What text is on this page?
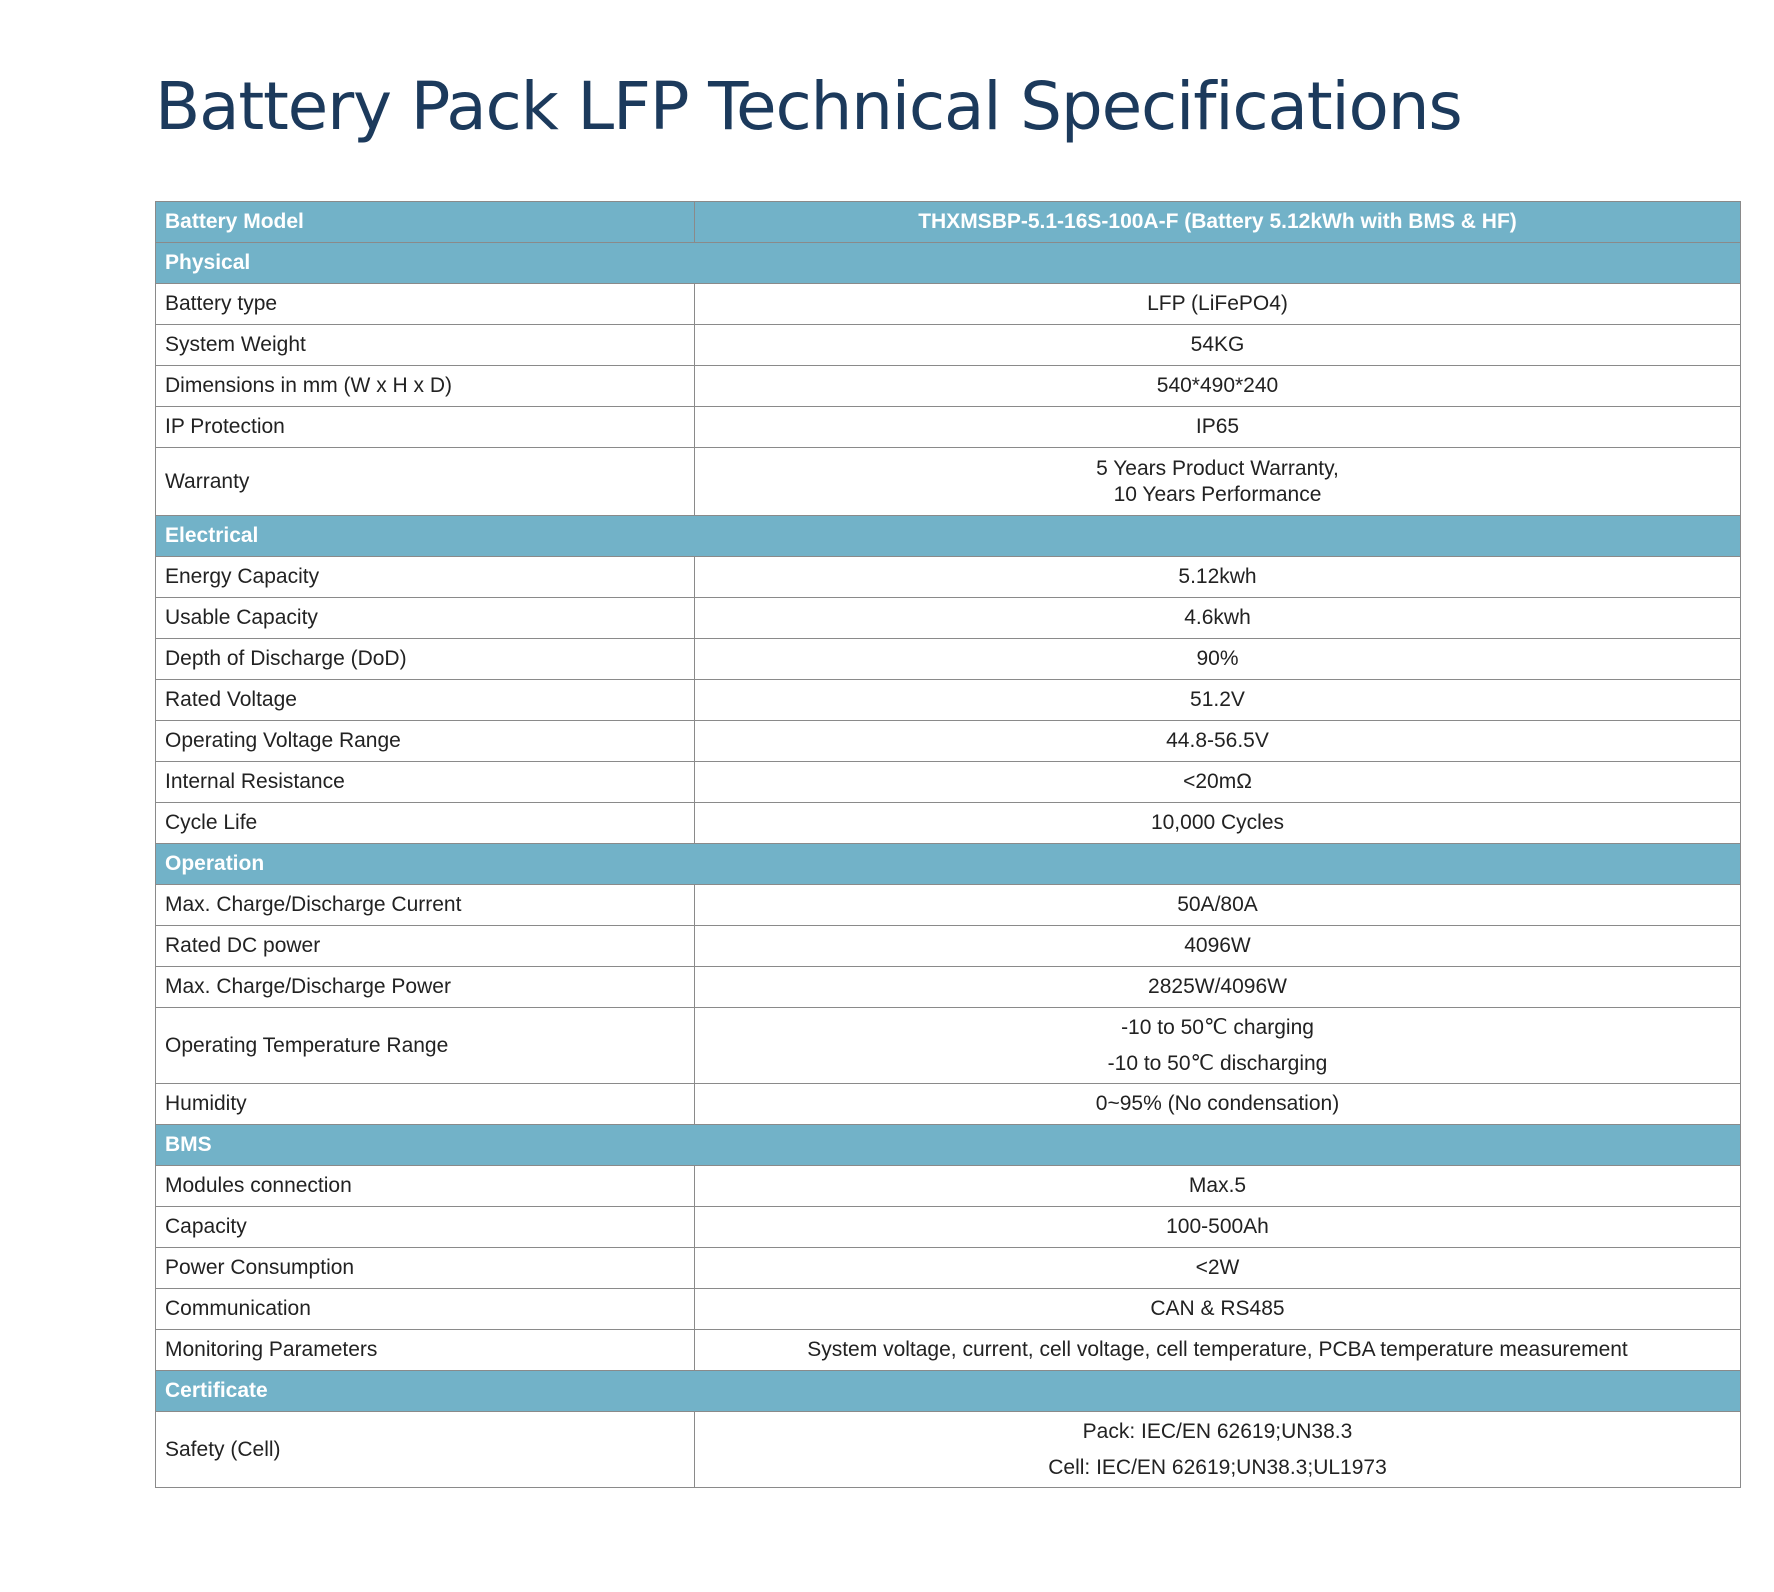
Battery Pack LFP Technical Specifications
Battery Model	THXMSBP-5.1-16S-100A-F (Battery 5.12kWh with BMS & HF)
Physical	
Battery type	LFP (LiFePO4)
System Weight	54KG
Dimensions in mm (W x H x D)	540*490*240
IP Protection	IP65
Warranty	5 Years Product Warranty,
10 Years Performance

Electrical	
Energy Capacity	5.12kwh
Usable Capacity	4.6kwh
Depth of Discharge (DoD)	90%
Rated Voltage	51.2V
Operating Voltage Range	44.8-56.5V
Internal Resistance	<20mΩ
Cycle Life	10,000 Cycles
Operation	
Max. Charge/Discharge Current	50A/80A
Rated DC power	4096W
Max. Charge/Discharge Power	2825W/4096W
Operating Temperature Range	-10 to 50℃ charging
-10 to 50℃ discharging

Humidity	0~95% (No condensation)
BMS	
Modules connection	Max.5
Capacity	100-500Ah
Power Consumption	<2W
Communication	CAN & RS485
Monitoring Parameters	System voltage, current, cell voltage, cell temperature, PCBA temperature measurement
Certificate	
Safety (Cell)	Pack: IEC/EN 62619;UN38.3
Cell: IEC/EN 62619;UN38.3;UL1973
